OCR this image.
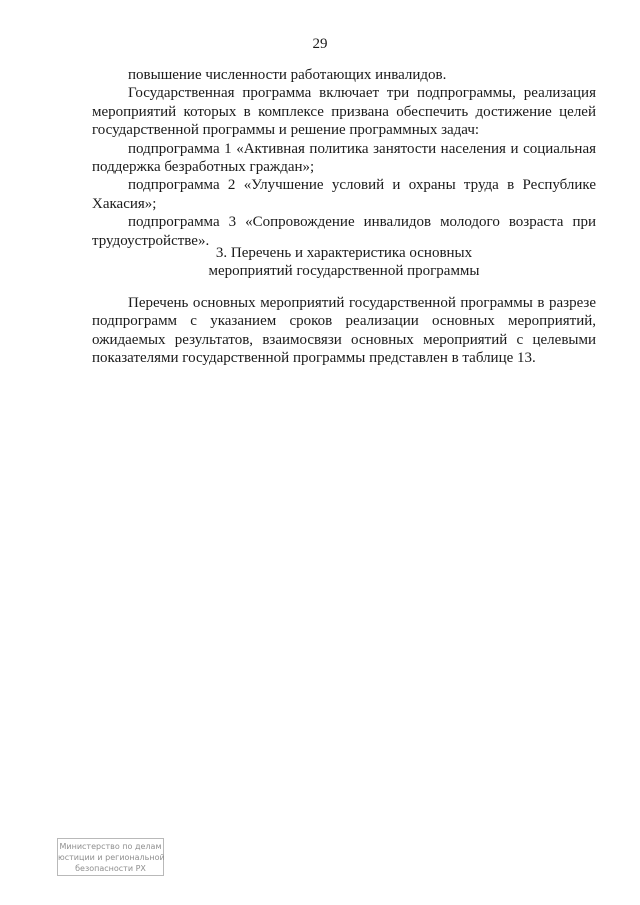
29

повышение численности работающих инвалидов.

Государственная программа включает три подпрограммы, реализация мероприятий которых в комплексе призвана обеспечить достижение целей государственной программы и решение программных задач:

подпрограмма 1 «Активная политика занятости населения и социальная поддержка безработных граждан»;

подпрограмма 2 «Улучшение условий и охраны труда в Республике Хакасия»;

подпрограмма 3 «Сопровождение инвалидов молодого возраста при трудоустройстве».

3. Перечень и характеристика основных
мероприятий государственной программы

Перечень основных мероприятий государственной программы в разрезе подпрограмм с указанием сроков реализации основных мероприятий, ожидаемых результатов, взаимосвязи основных мероприятий с целевыми показателями государственной программы представлен в таблице 13.

Министерство по делам
юстиции и региональной
безопасности РХ
